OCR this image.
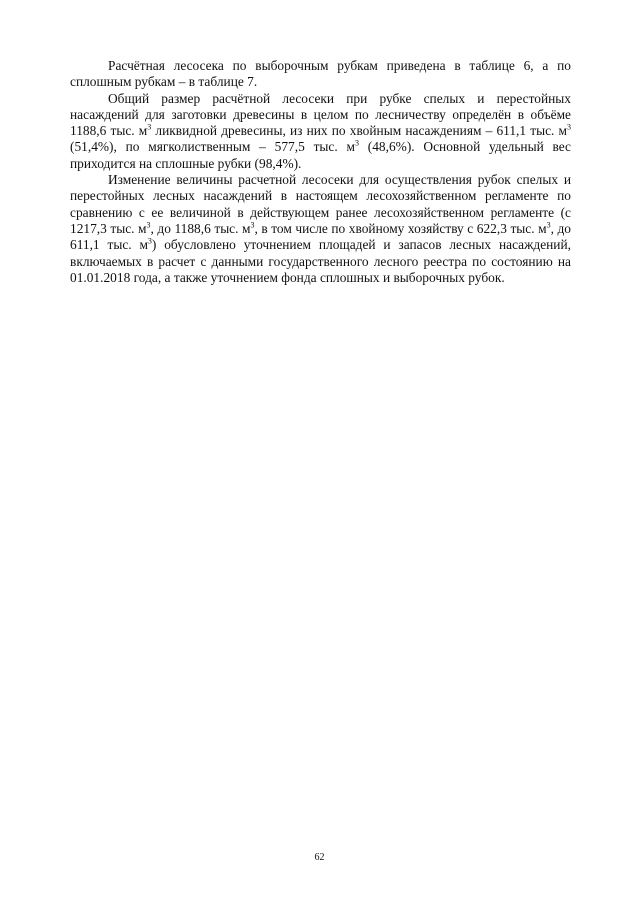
Расчётная лесосека по выборочным рубкам приведена в таблице 6, а по сплошным рубкам – в таблице 7.

Общий размер расчётной лесосеки при рубке спелых и перестойных насаждений для заготовки древесины в целом по лесничеству определён в объёме 1188,6 тыс. $м^3$ ликвидной древесины, из них по хвойным насаждениям – 611,1 тыс. $м^3$ (51,4%), по мягколиственным – 577,5 тыс. $м^3$ (48,6%). Основной удельный вес приходится на сплошные рубки (98,4%).

Изменение величины расчетной лесосеки для осуществления рубок спелых и перестойных лесных насаждений в настоящем лесохозяйственном регламенте по сравнению с ее величиной в действующем ранее лесохозяйственном регламенте (с 1217,3 тыс. $м^3$, до 1188,6 тыс. $м^3$, в том числе по хвойному хозяйству с 622,3 тыс. $м^3$, до 611,1 тыс. $м^3$) обусловлено уточнением площадей и запасов лесных насаждений, включаемых в расчет с данными государственного лесного реестра по состоянию на 01.01.2018 года, а также уточнением фонда сплошных и выборочных рубок.

62
